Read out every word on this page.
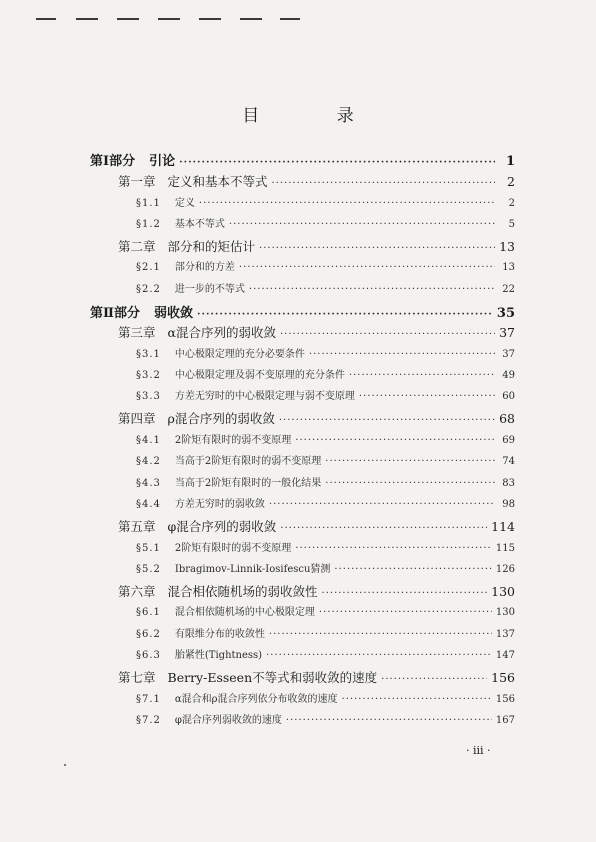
目 录
第Ⅰ部分 引论 ·····	1
第一章 定义和基本不等式 ·····	2
§1.1 定义 ·····	2
§1.2 基本不等式 ·····	5
第二章 部分和的矩估计 ·····	13
§2.1 部分和的方差 ·····	13
§2.2 进一步的不等式 ·····	22
第Ⅱ部分 弱收敛 ·····	35
第三章 α混合序列的弱收敛 ·····	37
§3.1 中心极限定理的充分必要条件 ·····	37
§3.2 中心极限定理及弱不变原理的充分条件 ·····	49
§3.3 方差无穷时的中心极限定理与弱不变原理 ·····	60
第四章 ρ混合序列的弱收敛 ·····	68
§4.1 2阶矩有限时的弱不变原理 ·····	69
§4.2 当高于2阶矩有限时的弱不变原理 ·····	74
§4.3 当高于2阶矩有限时的一般化结果 ·····	83
§4.4 方差无穷时的弱收敛 ·····	98
第五章 φ混合序列的弱收敛 ·····	114
§5.1 2阶矩有限时的弱不变原理 ·····	115
§5.2 Ibragimov-Linnik-Iosifescu猜测 ·····	126
第六章 混合相依随机场的弱收敛性 ·····	130
§6.1 混合相依随机场的中心极限定理 ·····	130
§6.2 有限维分布的收敛性 ·····	137
§6.3 胎紧性(Tightness) ·····	147
第七章 Berry-Esseen不等式和弱收敛的速度 ·····	156
§7.1 α混合和ρ混合序列依分布收敛的速度 ·····	156
§7.2 φ混合序列弱收敛的速度 ·····	167
· iii ·
